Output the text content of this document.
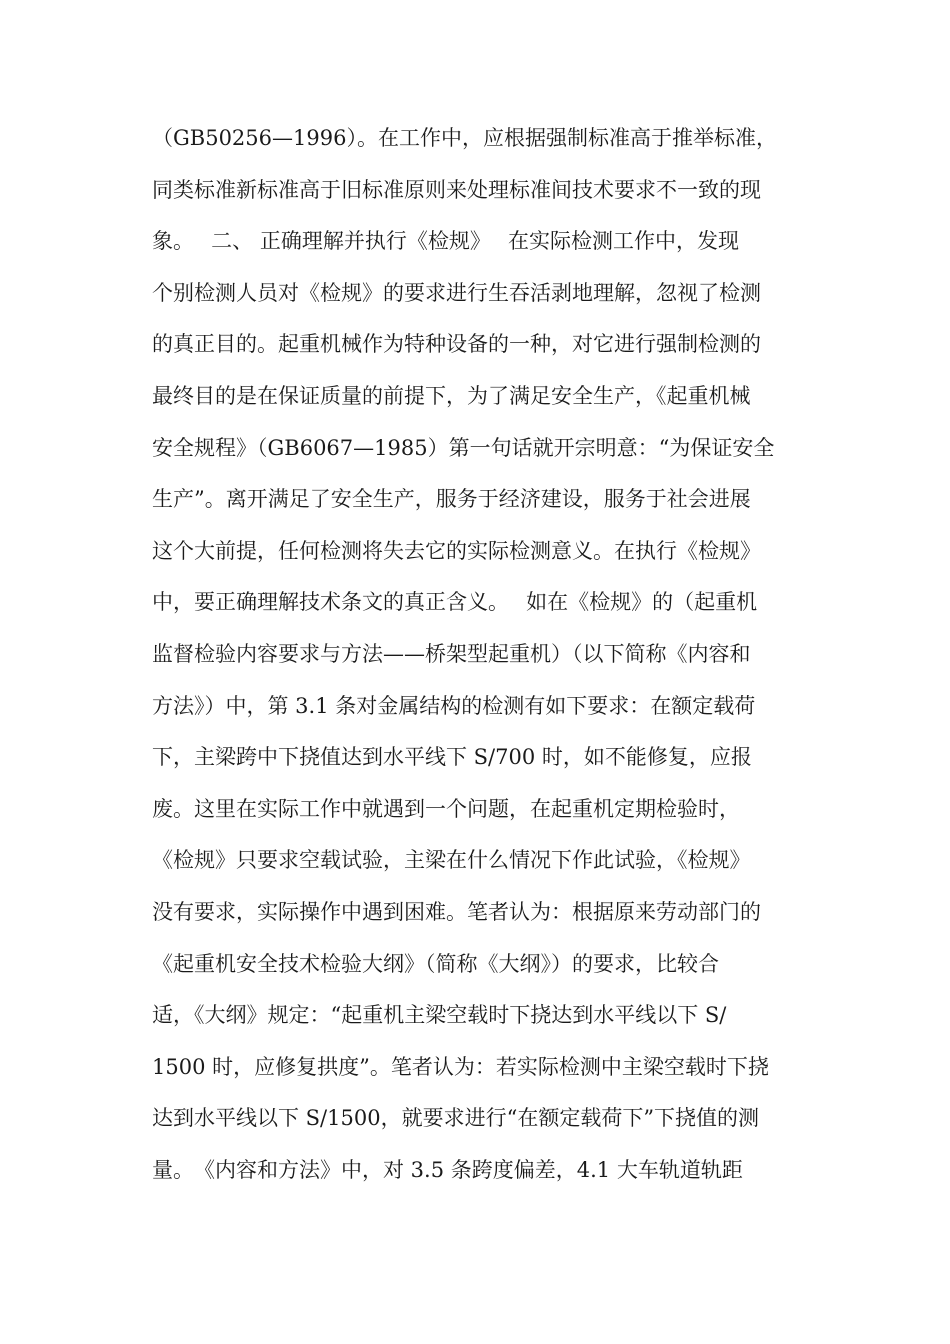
（GB50256—1996）。在工作中，应根据强制标准高于推举标准，
同类标准新标准高于旧标准原则来处理标准间技术要求不一致的现
象。　 二、 正确理解并执行《检规》　 在实际检测工作中，发现
个别检测人员对《检规》的要求进行生吞活剥地理解，忽视了检测
的真正目的。起重机械作为特种设备的一种，对它进行强制检测的
最终目的是在保证质量的前提下，为了满足安全生产，《起重机械
安全规程》（GB6067—1985）第一句话就开宗明意：“为保证安全
生产”。离开满足了安全生产，服务于经济建设，服务于社会进展
这个大前提，任何检测将失去它的实际检测意义。在执行《检规》
中，要正确理解技术条文的真正含义。　 如在《检规》的（起重机
监督检验内容要求与方法——桥架型起重机）（以下简称《内容和
方法》）中，第 3.1 条对金属结构的检测有如下要求：在额定载荷
下，主梁跨中下挠值达到水平线下 S/700 时，如不能修复，应报
废。这里在实际工作中就遇到一个问题，在起重机定期检验时，
《检规》只要求空载试验，主梁在什么情况下作此试验，《检规》
没有要求，实际操作中遇到困难。笔者认为：根据原来劳动部门的
《起重机安全技术检验大纲》（简称《大纲》）的要求，比较合
适，《大纲》规定：“起重机主梁空载时下挠达到水平线以下 S/
1500 时，应修复拱度”。笔者认为：若实际检测中主梁空载时下挠
达到水平线以下 S/1500，就要求进行“在额定载荷下”下挠值的测
量。　《内容和方法》中，对 3.5 条跨度偏差，4.1 大车轨道轨距
